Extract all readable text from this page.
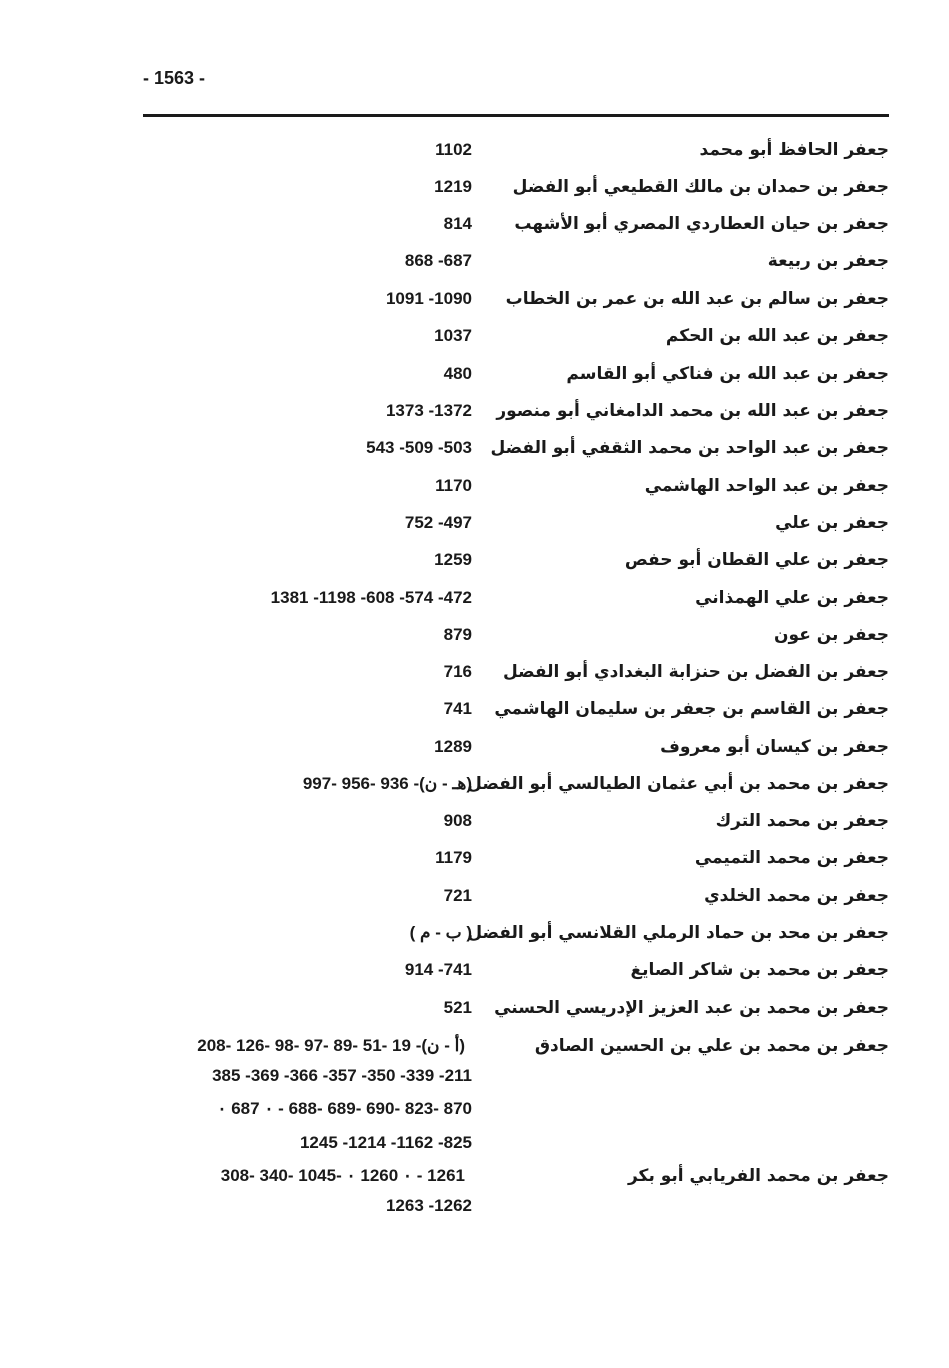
- 1563 -
جعفر الحافظ أبو محمد
1102
جعفر بن حمدان بن مالك القطيعي أبو الفضل
1219
جعفر بن حيان العطاردي المصري أبو الأشهب
814
جعفر بن ربيعة
868 -687
جعفر بن سالم بن عبد الله بن عمر بن الخطاب
1091 -1090
جعفر بن عبد الله بن الحكم
1037
جعفر بن عبد الله بن فناكي أبو القاسم
480
جعفر بن عبد الله بن محمد الدامغاني أبو منصور
1373 -1372
جعفر بن عبد الواحد بن محمد الثقفي أبو الفضل
543 -509 -503
جعفر بن عبد الواحد الهاشمي
1170
جعفر بن علي
752 -497
جعفر بن علي القطان أبو حفص
1259
جعفر بن علي الهمذاني
1381 -1198 -608 -574 -472
جعفر بن عون
879
جعفر بن الفضل بن حنزابة البغدادي أبو الفضل
716
جعفر بن القاسم بن جعفر بن سليمان الهاشمي
741
جعفر بن كيسان أبو معروف
1289
جعفر بن محمد بن أبي عثمان الطيالسي أبو الفضل
(هـ - ن)- 936 -956 -997
جعفر بن محمد الترك
908
جعفر بن محمد التميمي
1179
جعفر بن محمد الخلدي
721
جعفر بن محد بن حماد الرملي القلانسي أبو الفضل
( ب - م )
جعفر بن محمد بن شاكر الصايغ
914 -741
جعفر بن محمد بن عبد العزيز الإدريسي الحسني
521
جعفر بن محمد بن علي بن الحسين الصادق
(أ - ن)- 19 -51 -89 -97 -98 -126 -208
385 -369 -366 -357 -350 -339 -211
870 -823 -690 -689 -688 - ٠ 687 ٠
1245 -1214 -1162 -825
جعفر بن محمد الفريابي أبو بكر
1261 - ٠ 1260 ٠ -1045 -340 -308
1263 -1262
